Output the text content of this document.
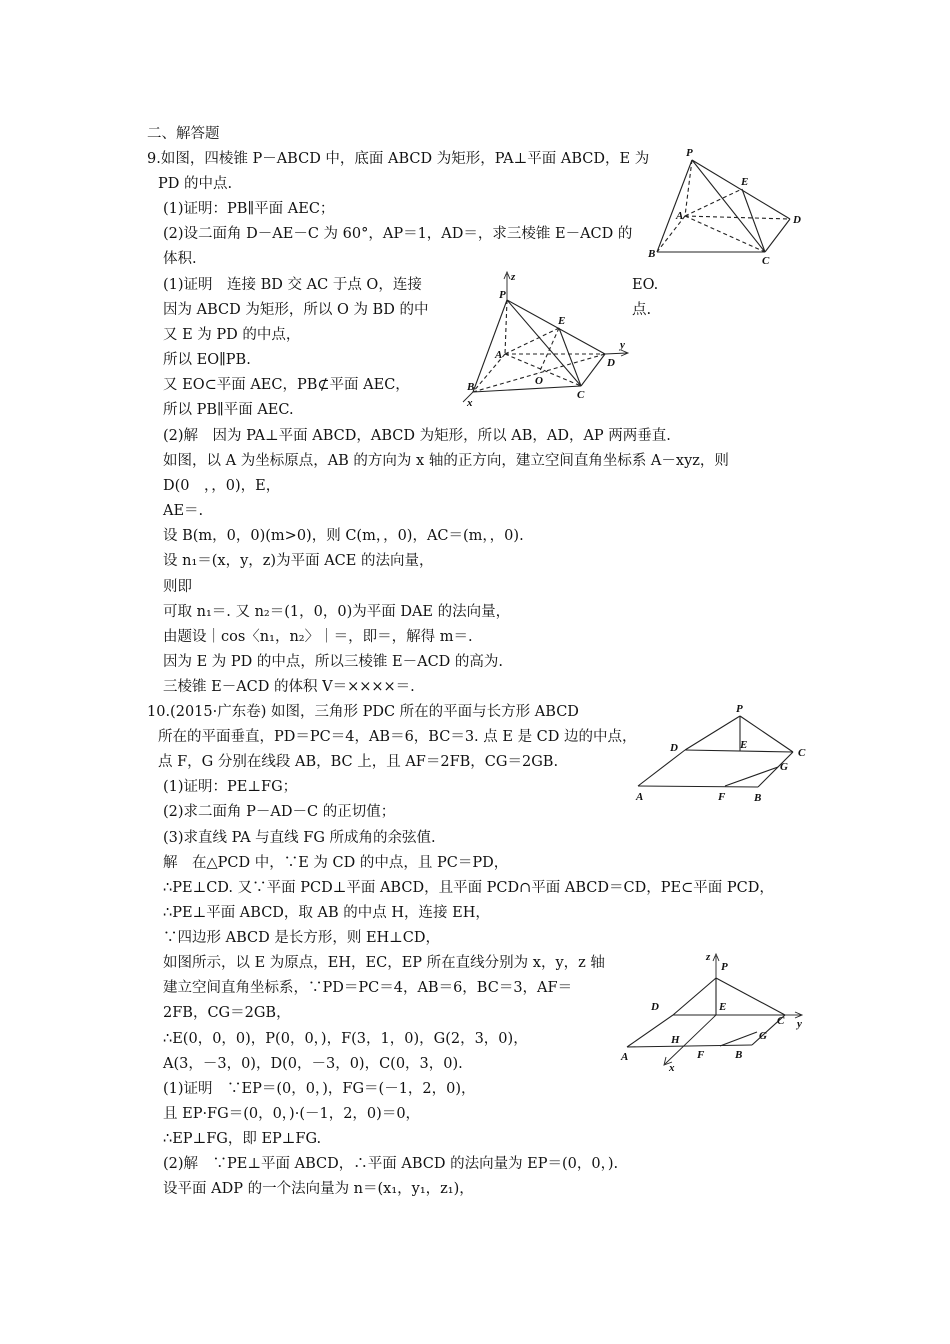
二、解答题
9.如图，四棱锥 P－ABCD 中，底面 ABCD 为矩形，PA⊥平面 ABCD，E 为
PD 的中点.
(1)证明：PB∥平面 AEC；
(2)设二面角 D－AE－C 为 60°，AP＝1，AD＝，求三棱锥 E－ACD 的
体积.
(1)证明　连接 BD 交 AC 于点 O，连接
因为 ABCD 为矩形，所以 O 为 BD 的中
又 E 为 PD 的中点，
所以 EO∥PB.
又 EO⊂平面 AEC，PB⊄平面 AEC，
所以 PB∥平面 AEC.
(2)解　因为 PA⊥平面 ABCD，ABCD 为矩形，所以 AB，AD，AP 两两垂直.
如图，以 A 为坐标原点，AB 的方向为 x 轴的正方向，建立空间直角坐标系 A－xyz，则
D(0　，，0)，E，
AE＝.
设 B(m，0，0)(m>0)，则 C(m，，0)，AC＝(m，，0).
设 n₁＝(x，y，z)为平面 ACE 的法向量，
则即
可取 n₁＝. 又 n₂＝(1，0，0)为平面 DAE 的法向量，
由题设｜cos〈n₁，n₂〉｜＝，即＝，解得 m＝.
因为 E 为 PD 的中点，所以三棱锥 E－ACD 的高为.
三棱锥 E－ACD 的体积 V＝××××＝.
EO.
点.
10.(2015·广东卷) 如图，三角形 PDC 所在的平面与长方形 ABCD
所在的平面垂直，PD＝PC＝4，AB＝6，BC＝3. 点 E 是 CD 边的中点，
点 F，G 分别在线段 AB，BC 上，且 AF＝2FB，CG＝2GB.
(1)证明：PE⊥FG；
(2)求二面角 P－AD－C 的正切值；
(3)求直线 PA 与直线 FG 所成角的余弦值.
解　在△PCD 中，∵E 为 CD 的中点，且 PC＝PD，
∴PE⊥CD. 又∵平面 PCD⊥平面 ABCD，且平面 PCD∩平面 ABCD＝CD，PE⊂平面 PCD，
∴PE⊥平面 ABCD，取 AB 的中点 H，连接 EH，
∵四边形 ABCD 是长方形，则 EH⊥CD，
如图所示，以 E 为原点，EH，EC，EP 所在直线分别为 x，y，z 轴
建立空间直角坐标系，∵PD＝PC＝4，AB＝6，BC＝3，AF＝
2FB，CG＝2GB，
∴E(0，0，0)，P(0，0，)，F(3，1，0)，G(2，3，0)，
A(3，－3，0)，D(0，－3，0)，C(0，3，0).
(1)证明　∵EP＝(0，0，)，FG＝(－1，2，0)，
且 EP·FG＝(0，0，)·(－1，2，0)＝0，
∴EP⊥FG，即 EP⊥FG.
(2)解　∵PE⊥平面 ABCD，∴平面 ABCD 的法向量为 EP＝(0，0，).
设平面 ADP 的一个法向量为 n＝(x₁，y₁，z₁)，
P
E
A	D
B
C
z
P
E
y
A
D
O
B
C
x
P
D	E
C
G
A	F	B
z
P
D	E
C y
H	G
A	F	B
x
